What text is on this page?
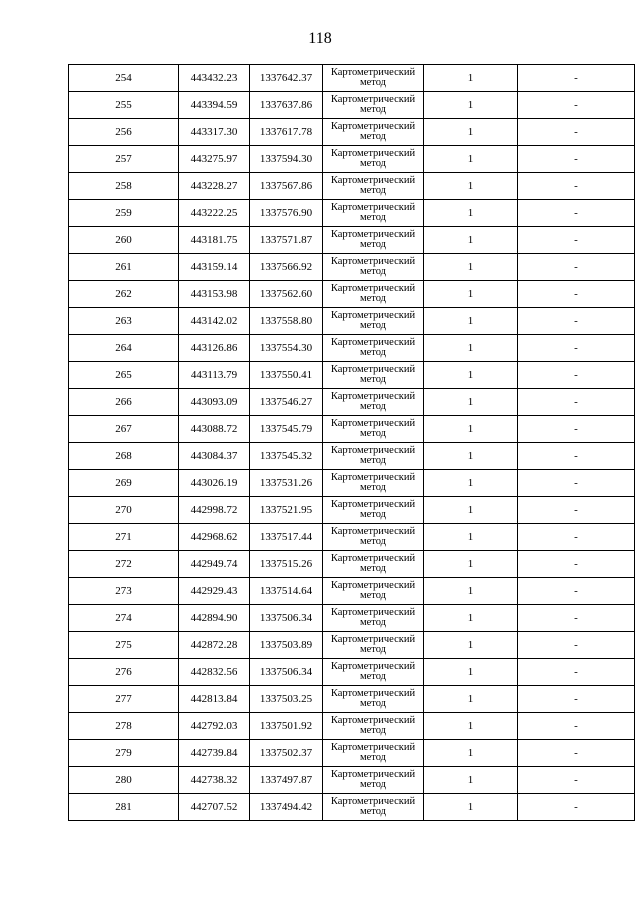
118
254	443432.23	1337642.37	Картометрический метод	1	-
255	443394.59	1337637.86	Картометрический метод	1	-
256	443317.30	1337617.78	Картометрический метод	1	-
257	443275.97	1337594.30	Картометрический метод	1	-
258	443228.27	1337567.86	Картометрический метод	1	-
259	443222.25	1337576.90	Картометрический метод	1	-
260	443181.75	1337571.87	Картометрический метод	1	-
261	443159.14	1337566.92	Картометрический метод	1	-
262	443153.98	1337562.60	Картометрический метод	1	-
263	443142.02	1337558.80	Картометрический метод	1	-
264	443126.86	1337554.30	Картометрический метод	1	-
265	443113.79	1337550.41	Картометрический метод	1	-
266	443093.09	1337546.27	Картометрический метод	1	-
267	443088.72	1337545.79	Картометрический метод	1	-
268	443084.37	1337545.32	Картометрический метод	1	-
269	443026.19	1337531.26	Картометрический метод	1	-
270	442998.72	1337521.95	Картометрический метод	1	-
271	442968.62	1337517.44	Картометрический метод	1	-
272	442949.74	1337515.26	Картометрический метод	1	-
273	442929.43	1337514.64	Картометрический метод	1	-
274	442894.90	1337506.34	Картометрический метод	1	-
275	442872.28	1337503.89	Картометрический метод	1	-
276	442832.56	1337506.34	Картометрический метод	1	-
277	442813.84	1337503.25	Картометрический метод	1	-
278	442792.03	1337501.92	Картометрический метод	1	-
279	442739.84	1337502.37	Картометрический метод	1	-
280	442738.32	1337497.87	Картометрический метод	1	-
281	442707.52	1337494.42	Картометрический метод	1	-
